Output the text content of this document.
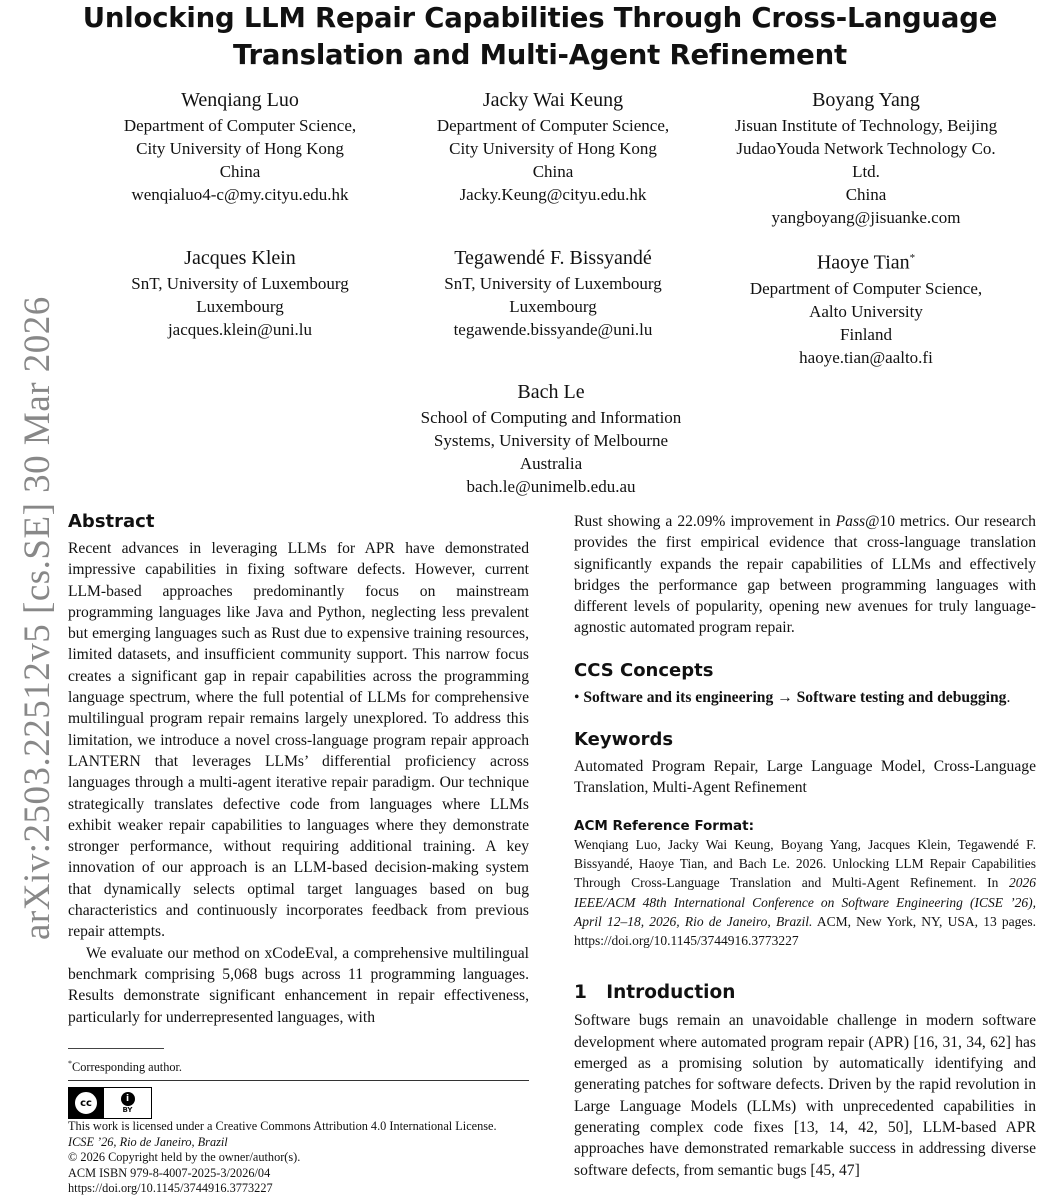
Unlocking LLM Repair Capabilities Through Cross-Language
Translation and Multi-Agent Refinement
Wenqiang Luo
Department of Computer Science,
City University of Hong Kong
China
wenqialuo4-c@my.cityu.edu.hk
Jacky Wai Keung
Department of Computer Science,
City University of Hong Kong
China
Jacky.Keung@cityu.edu.hk
Boyang Yang
Jisuan Institute of Technology, Beijing
JudaoYouda Network Technology Co.
Ltd.
China
yangboyang@jisuanke.com
Jacques Klein
SnT, University of Luxembourg
Luxembourg
jacques.klein@uni.lu
Tegawendé F. Bissyandé
SnT, University of Luxembourg
Luxembourg
tegawende.bissyande@uni.lu
Haoye Tian*
Department of Computer Science,
Aalto University
Finland
haoye.tian@aalto.fi
Bach Le
School of Computing and Information
Systems, University of Melbourne
Australia
bach.le@unimelb.edu.au
arXiv:2503.22512v5 [cs.SE] 30 Mar 2026 Abstract

Recent advances in leveraging LLMs for APR have demonstrated impressive capabilities in fixing software defects. However, current LLM-based approaches predominantly focus on mainstream programming languages like Java and Python, neglecting less prevalent but emerging languages such as Rust due to expensive training resources, limited datasets, and insufficient community support. This narrow focus creates a significant gap in repair capabilities across the programming language spectrum, where the full potential of LLMs for comprehensive multilingual program repair remains largely unexplored. To address this limitation, we introduce a novel cross-language program repair approach LANTERN that leverages LLMs’ differential proficiency across languages through a multi-agent iterative repair paradigm. Our technique strategically translates defective code from languages where LLMs exhibit weaker repair capabilities to languages where they demonstrate stronger performance, without requiring additional training. A key innovation of our approach is an LLM-based decision-making system that dynamically selects optimal target languages based on bug characteristics and continuously incorporates feedback from previous repair attempts.

We evaluate our method on xCodeEval, a comprehensive multilingual benchmark comprising 5,068 bugs across 11 programming languages. Results demonstrate significant enhancement in repair effectiveness, particularly for underrepresented languages, with

*Corresponding author.
cc	i
BY
This work is licensed under a Creative Commons Attribution 4.0 International License.
ICSE ’26, Rio de Janeiro, Brazil
© 2026 Copyright held by the owner/author(s).
ACM ISBN 979-8-4007-2025-3/2026/04
https://doi.org/10.1145/3744916.3773227

Rust showing a 22.09% improvement in Pass@10 metrics. Our research provides the first empirical evidence that cross-language translation significantly expands the repair capabilities of LLMs and effectively bridges the performance gap between programming languages with different levels of popularity, opening new avenues for truly language-agnostic automated program repair.

CCS Concepts

• Software and its engineering → Software testing and debugging.

Keywords

Automated Program Repair, Large Language Model, Cross-Language Translation, Multi-Agent Refinement

ACM Reference Format:
Wenqiang Luo, Jacky Wai Keung, Boyang Yang, Jacques Klein, Tegawendé F. Bissyandé, Haoye Tian, and Bach Le. 2026. Unlocking LLM Repair Capabilities Through Cross-Language Translation and Multi-Agent Refinement. In 2026 IEEE/ACM 48th International Conference on Software Engineering (ICSE ’26), April 12–18, 2026, Rio de Janeiro, Brazil. ACM, New York, NY, USA, 13 pages. https://doi.org/10.1145/3744916.3773227
1 Introduction

Software bugs remain an unavoidable challenge in modern software development where automated program repair (APR) [16, 31, 34, 62] has emerged as a promising solution by automatically identifying and generating patches for software defects. Driven by the rapid revolution in Large Language Models (LLMs) with unprecedented capabilities in generating complex code fixes [13, 14, 42, 50], LLM-based APR approaches have demonstrated remarkable success in addressing diverse software defects, from semantic bugs [45, 47]
